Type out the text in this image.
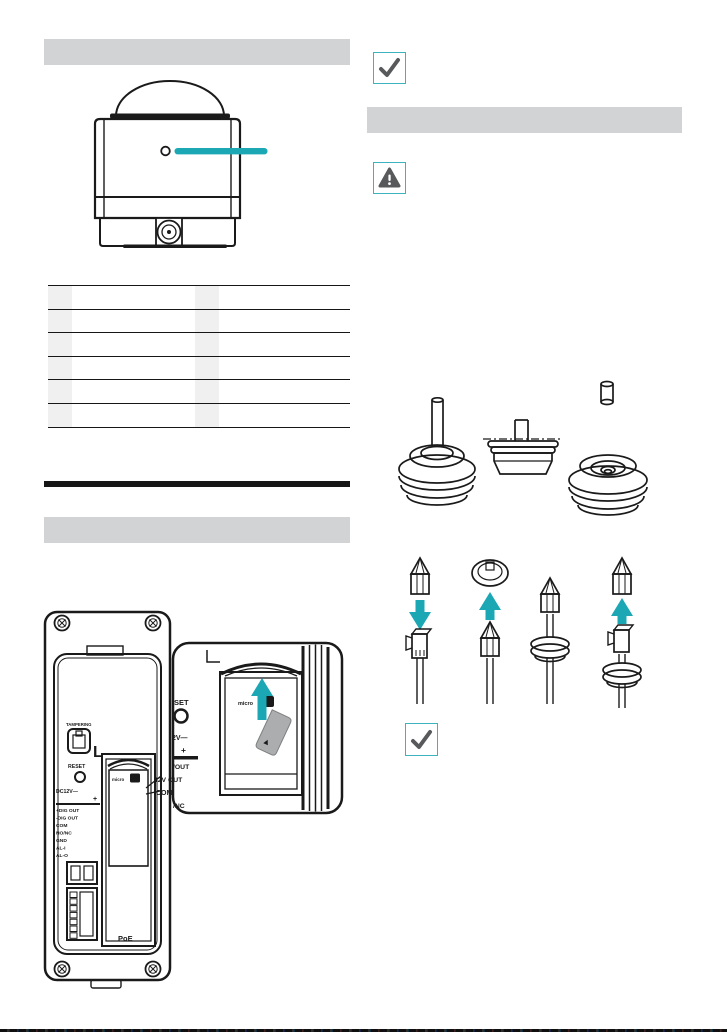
TAMPERING
L
RESET
DC12V—
+
+DIG OUT
-DIG OUT
COM
NO/NC
GND
AL-I
AL-O
micro
PoE
SET
2V—
+
/OUT
12V OUT
COM
/NC
micro
